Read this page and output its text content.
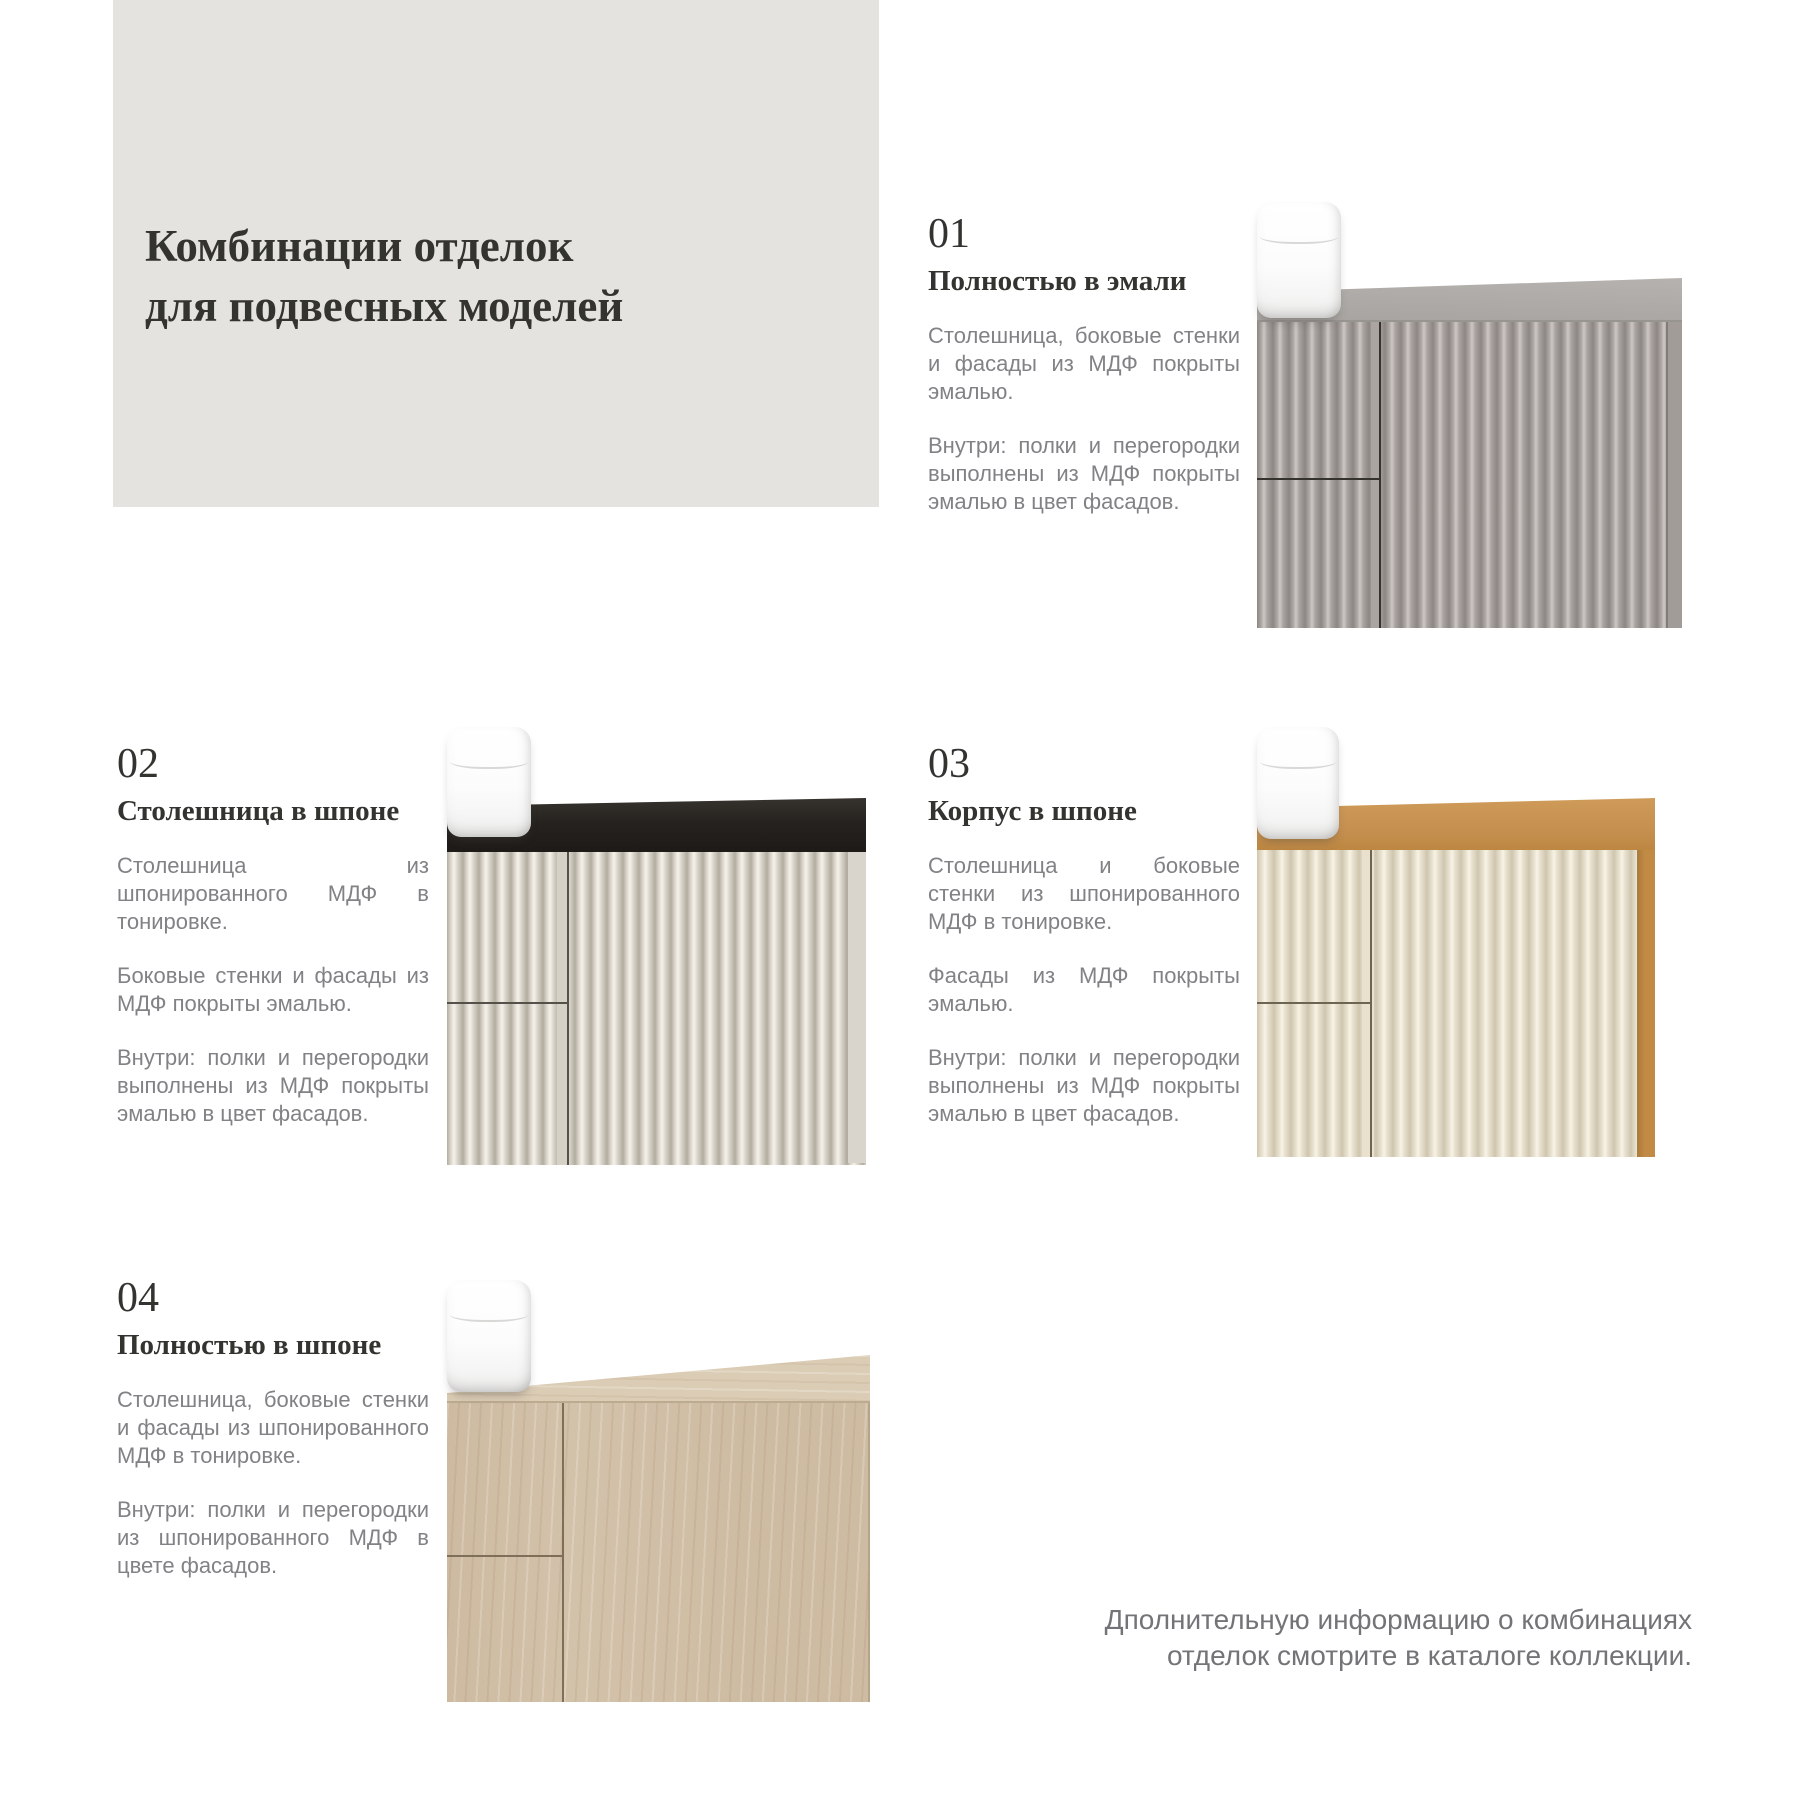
Комбинации отделок
для подвесных моделей
01
Полностью в эмали

Столешница, боковые стенки и фасады из МДФ покрыты эмалью.

Внутри: полки и перегородки выполнены из МДФ покрыты эмалью в цвет фасадов.

02
Столешница в шпоне

Столешница из шпонированного МДФ в тонировке.

Боковые стенки и фасады из МДФ покрыты эмалью.

Внутри: полки и перегородки выполнены из МДФ покрыты эмалью в цвет фасадов.

03
Корпус в шпоне

Столешница и боковые стенки из шпонированного МДФ в тонировке.

Фасады из МДФ покрыты эмалью.

Внутри: полки и перегородки выполнены из МДФ покрыты эмалью в цвет фасадов.

04
Полностью в шпоне

Столешница, боковые стенки и фасады из шпонированного МДФ в тонировке.

Внутри: полки и перегородки из шпонированного МДФ в цвете фасадов.

Дполнительную информацию о комбинациях
отделок смотрите в каталоге коллекции.
